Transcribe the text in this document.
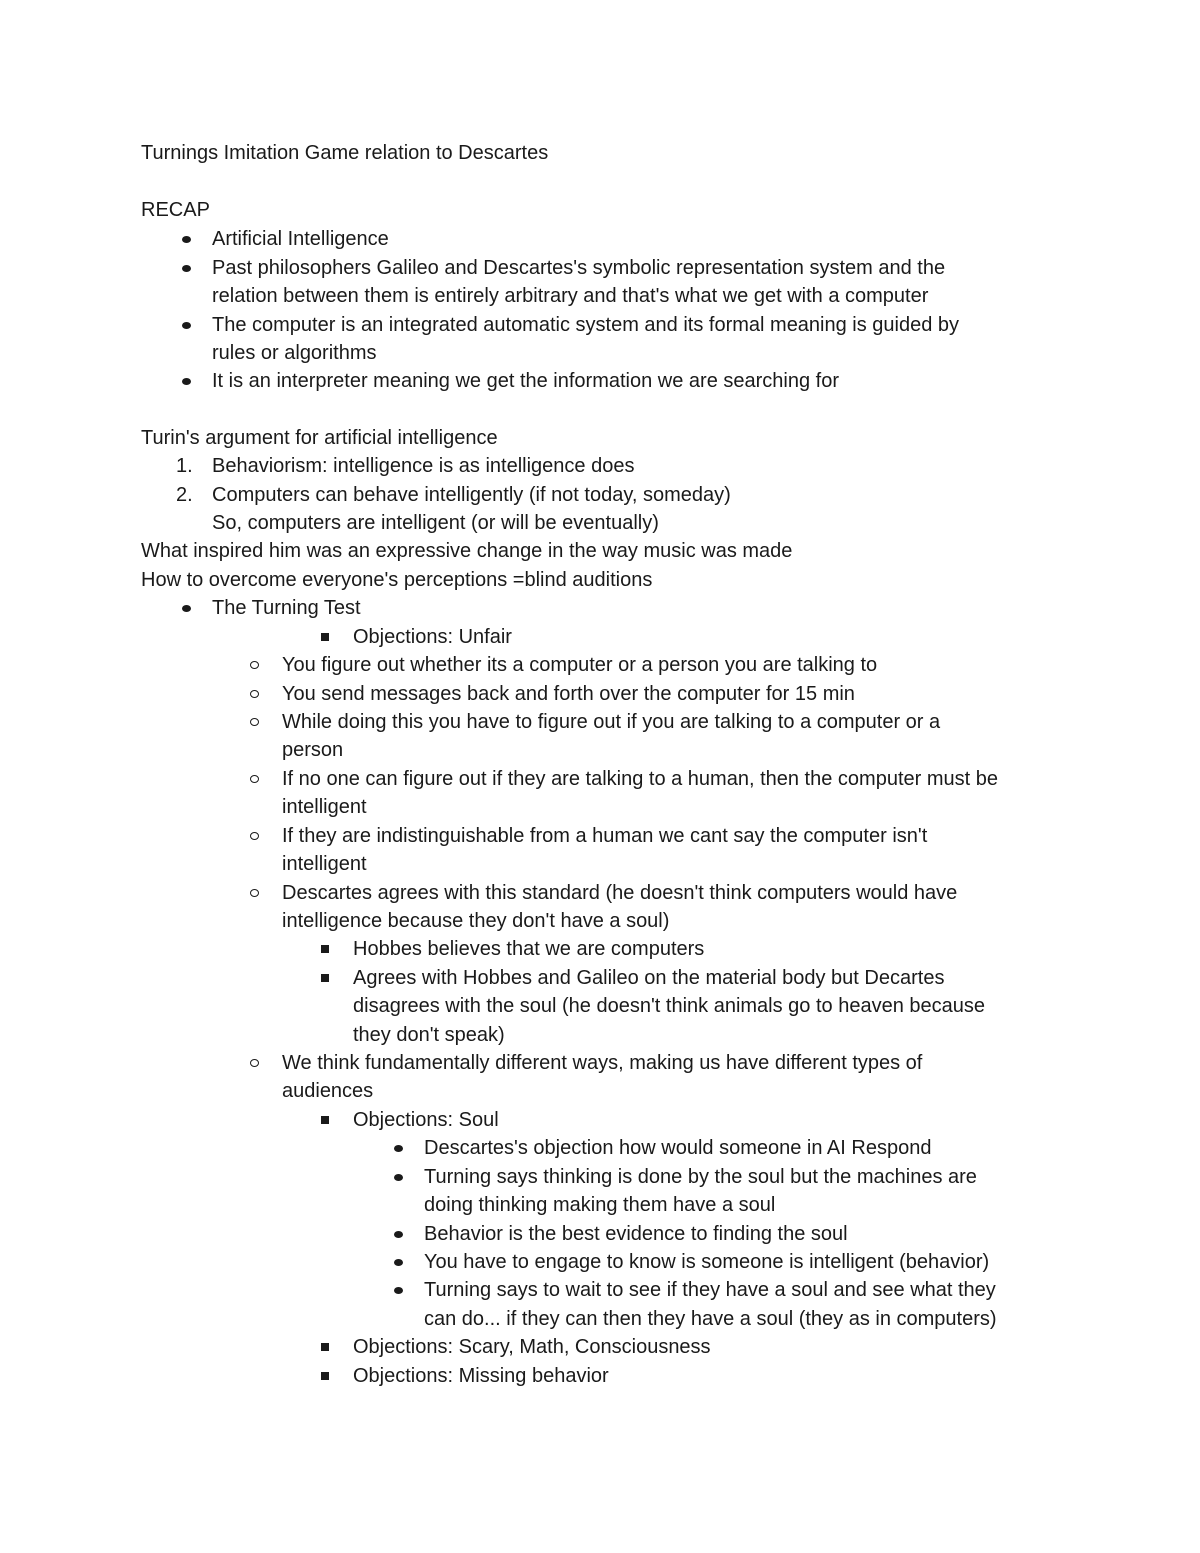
Turnings Imitation Game relation to Descartes
RECAP
Artificial Intelligence
Past philosophers Galileo and Descartes's symbolic representation system and the
relation between them is entirely arbitrary and that's what we get with a computer
The computer is an integrated automatic system and its formal meaning is guided by
rules or algorithms
It is an interpreter meaning we get the information we are searching for
Turin's argument for artificial intelligence
1. Behaviorism: intelligence is as intelligence does
2. Computers can behave intelligently (if not today, someday)
So, computers are intelligent (or will be eventually)
What inspired him was an expressive change in the way music was made
How to overcome everyone's perceptions =blind auditions
The Turning Test
Objections: Unfair
You figure out whether its a computer or a person you are talking to
You send messages back and forth over the computer for 15 min
While doing this you have to figure out if you are talking to a computer or a
person
If no one can figure out if they are talking to a human, then the computer must be
intelligent
If they are indistinguishable from a human we cant say the computer isn't
intelligent
Descartes agrees with this standard (he doesn't think computers would have
intelligence because they don't have a soul)
Hobbes believes that we are computers
Agrees with Hobbes and Galileo on the material body but Decartes
disagrees with the soul (he doesn't think animals go to heaven because
they don't speak)
We think fundamentally different ways, making us have different types of
audiences
Objections: Soul
Descartes's objection how would someone in AI Respond
Turning says thinking is done by the soul but the machines are
doing thinking making them have a soul
Behavior is the best evidence to finding the soul
You have to engage to know is someone is intelligent (behavior)
Turning says to wait to see if they have a soul and see what they
can do... if they can then they have a soul (they as in computers)
Objections: Scary, Math, Consciousness
Objections: Missing behavior
